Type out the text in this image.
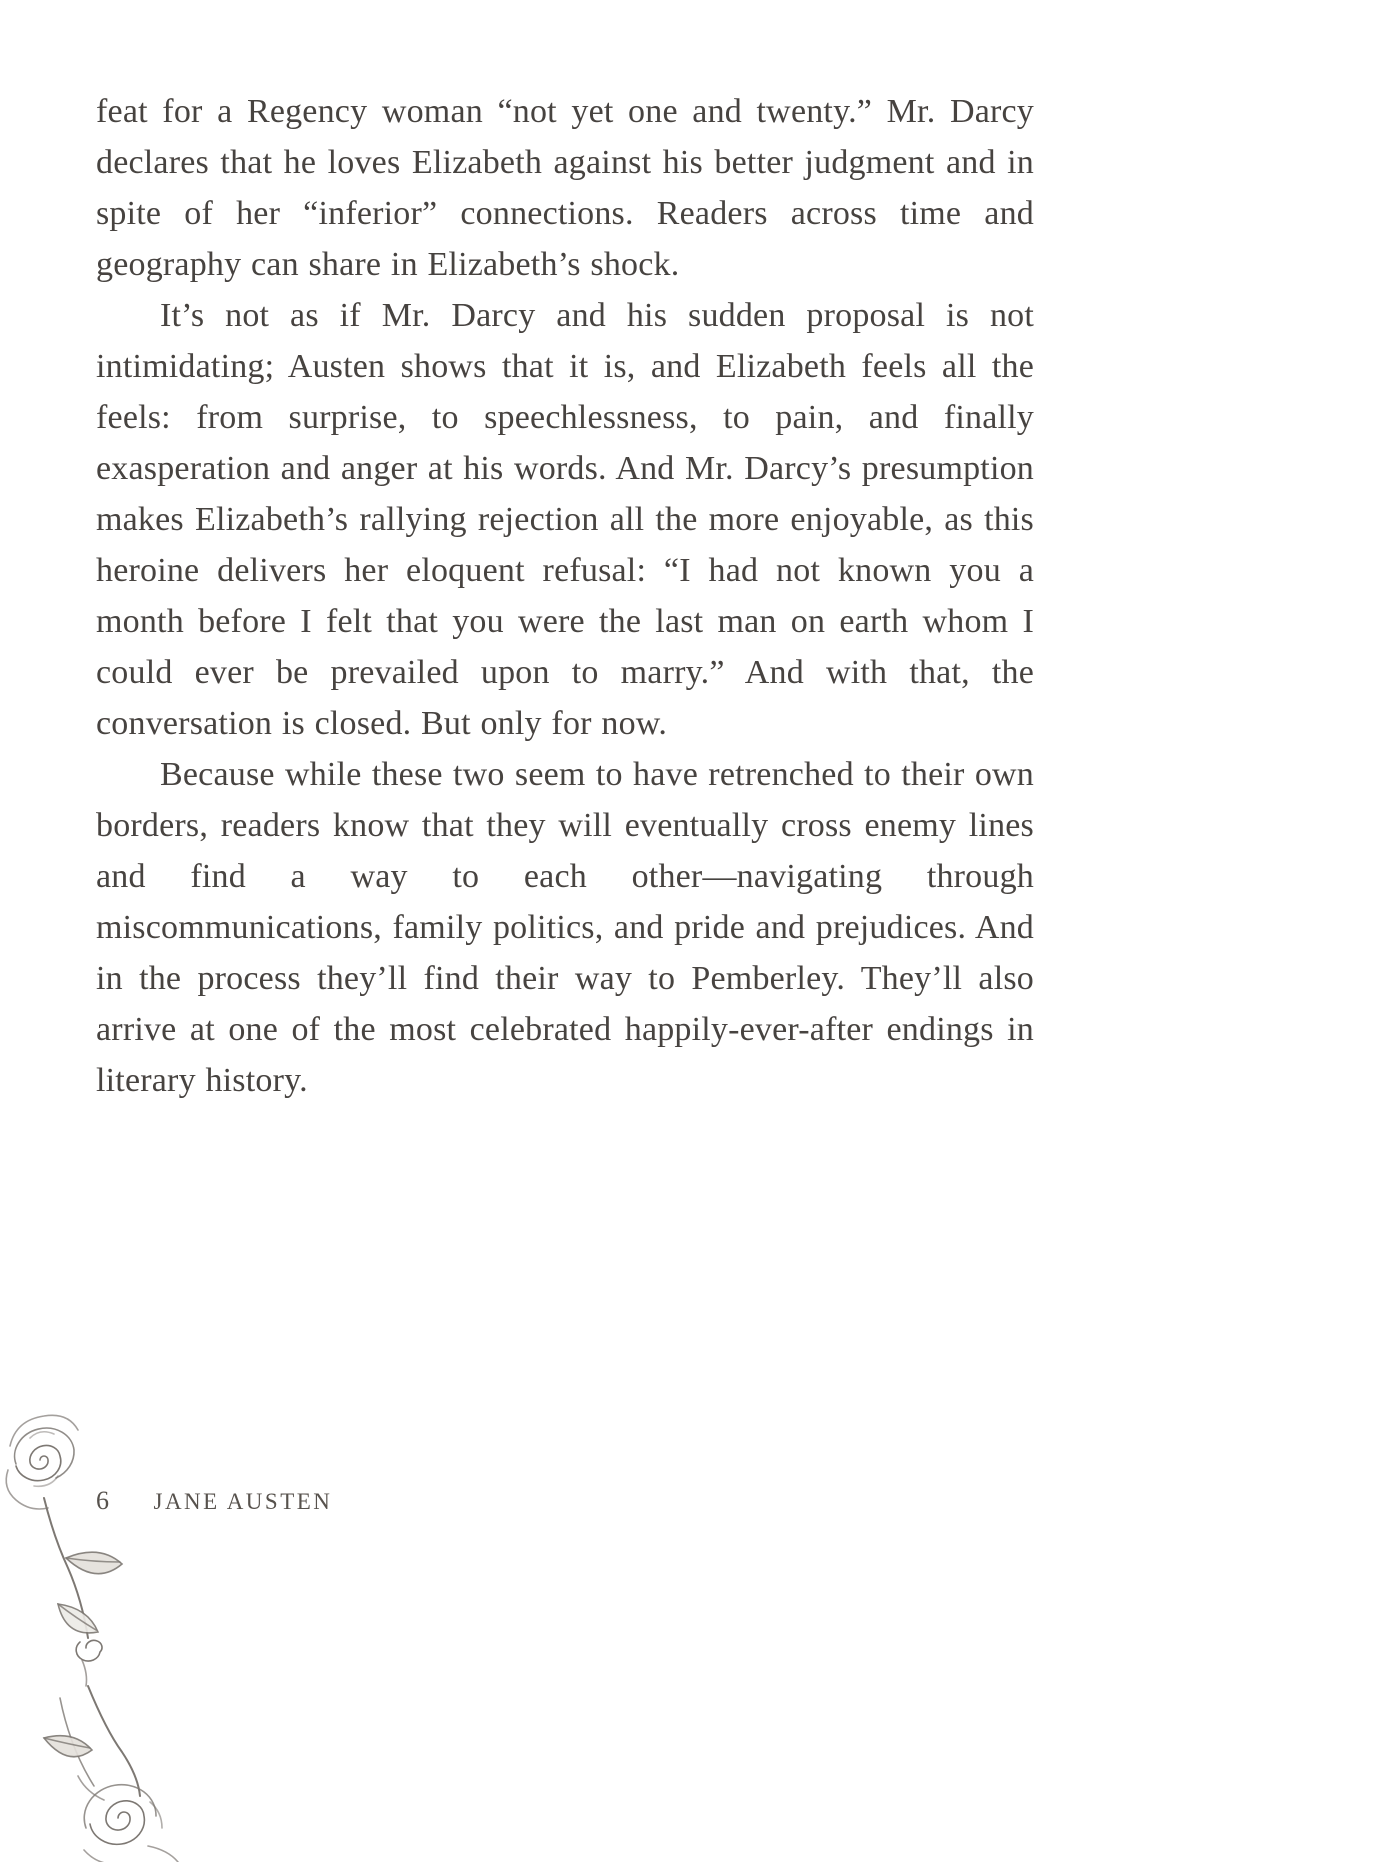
feat for a Regency woman “not yet one and twenty.” Mr. Darcy declares that he loves Elizabeth against his better judgment and in spite of her “inferior” connections. Readers across time and geography can share in Elizabeth’s shock.

It’s not as if Mr. Darcy and his sudden proposal is not intimidating; Austen shows that it is, and Elizabeth feels all the feels: from surprise, to speechlessness, to pain, and finally exasperation and anger at his words. And Mr. Darcy’s presumption makes Elizabeth’s rallying rejection all the more enjoyable, as this heroine delivers her eloquent refusal: “I had not known you a month before I felt that you were the last man on earth whom I could ever be prevailed upon to marry.” And with that, the conversation is closed. But only for now.

Because while these two seem to have retrenched to their own borders, readers know that they will eventually cross enemy lines and find a way to each other—navigating through miscommunications, family politics, and pride and prejudices. And in the process they’ll find their way to Pemberley. They’ll also arrive at one of the most celebrated happily-ever-after endings in literary history.

6 JANE AUSTEN
